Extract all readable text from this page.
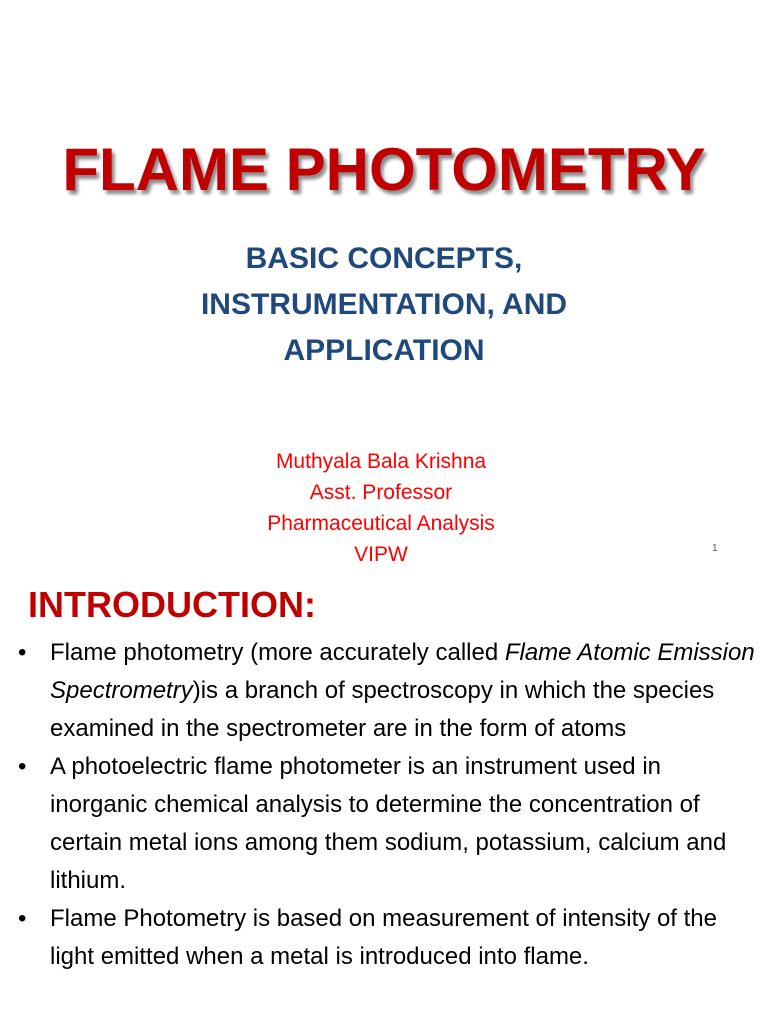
FLAME PHOTOMETRY
BASIC CONCEPTS,
INSTRUMENTATION, AND
APPLICATION
Muthyala Bala Krishna
Asst. Professor
Pharmaceutical Analysis
VIPW	1
INTRODUCTION:
• Flame photometry (more accurately called Flame Atomic Emission Spectrometry)is a branch of spectroscopy in which the species examined in the spectrometer are in the form of atoms
• A photoelectric flame photometer is an instrument used in inorganic chemical analysis to determine the concentration of certain metal ions among them sodium, potassium, calcium and lithium.
• Flame Photometry is based on measurement of intensity of the light emitted when a metal is introduced into flame.
